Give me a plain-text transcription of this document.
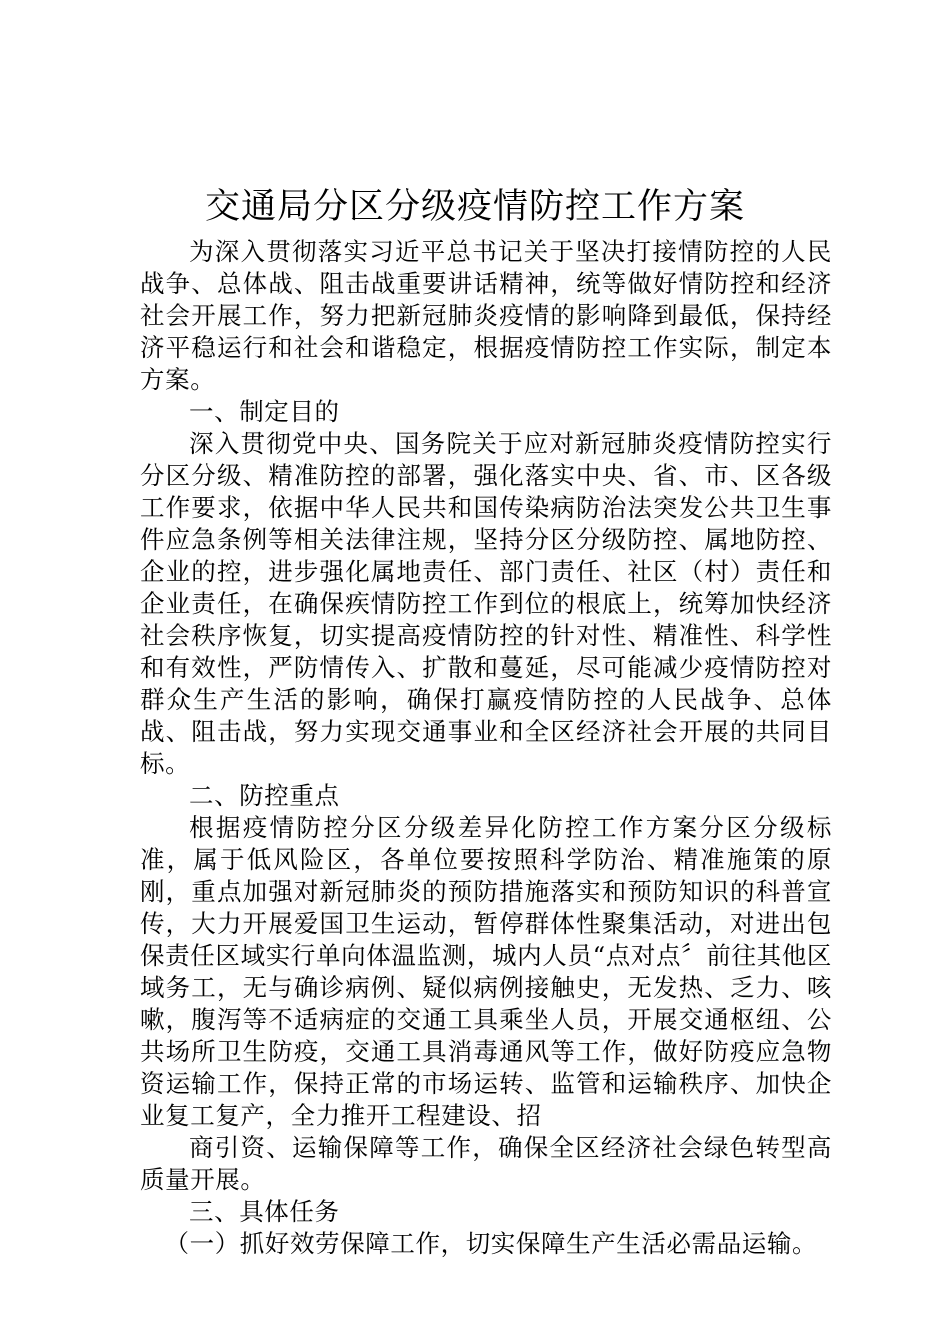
交通局分区分级疫情防控工作方案

为深入贯彻落实习近平总书记关于坚决打接情防控的人民战争、总体战、阻击战重要讲话精神，统等做好情防控和经济社会开展工作，努力把新冠肺炎疫情的影响降到最低，保持经济平稳运行和社会和谐稳定，根据疫情防控工作实际，制定本方案。

一、制定目的

深入贯彻党中央、国务院关于应对新冠肺炎疫情防控实行分区分级、精准防控的部署，强化落实中央、省、市、区各级工作要求，依据中华人民共和国传染病防治法突发公共卫生事件应急条例等相关法律注规，坚持分区分级防控、属地防控、企业的控，进步强化属地责任、部门责任、社区（村）责任和企业责任，在确保疾情防控工作到位的根底上，统筹加快经济社会秩序恢复，切实提高疫情防控的针对性、精准性、科学性和有效性，严防情传入、扩散和蔓延，尽可能减少疫情防控对群众生产生活的影响，确保打赢疫情防控的人民战争、总体战、阻击战，努力实现交通事业和全区经济社会开展的共同目标。

二、防控重点

根据疫情防控分区分级差异化防控工作方案分区分级标准，属于低风险区，各单位要按照科学防治、精准施策的原刚，重点加强对新冠肺炎的预防措施落实和预防知识的科普宣传，大力开展爱国卫生运动，暂停群体性聚集活动，对进出包保责任区域实行单向体温监测，城内人员“点对点〞前往其他区域务工，无与确诊病例、疑似病例接触史，无发热、乏力、咳嗽，腹泻等不适病症的交通工具乘坐人员，开展交通枢纽、公共场所卫生防疫，交通工具消毒通风等工作，做好防疫应急物资运输工作，保持正常的市场运转、监管和运输秩序、加快企业复工复产，全力推开工程建设、招

商引资、运输保障等工作，确保全区经济社会绿色转型高质量开展。

三、具体任务

（一）抓好效劳保障工作，切实保障生产生活必需品运输。
